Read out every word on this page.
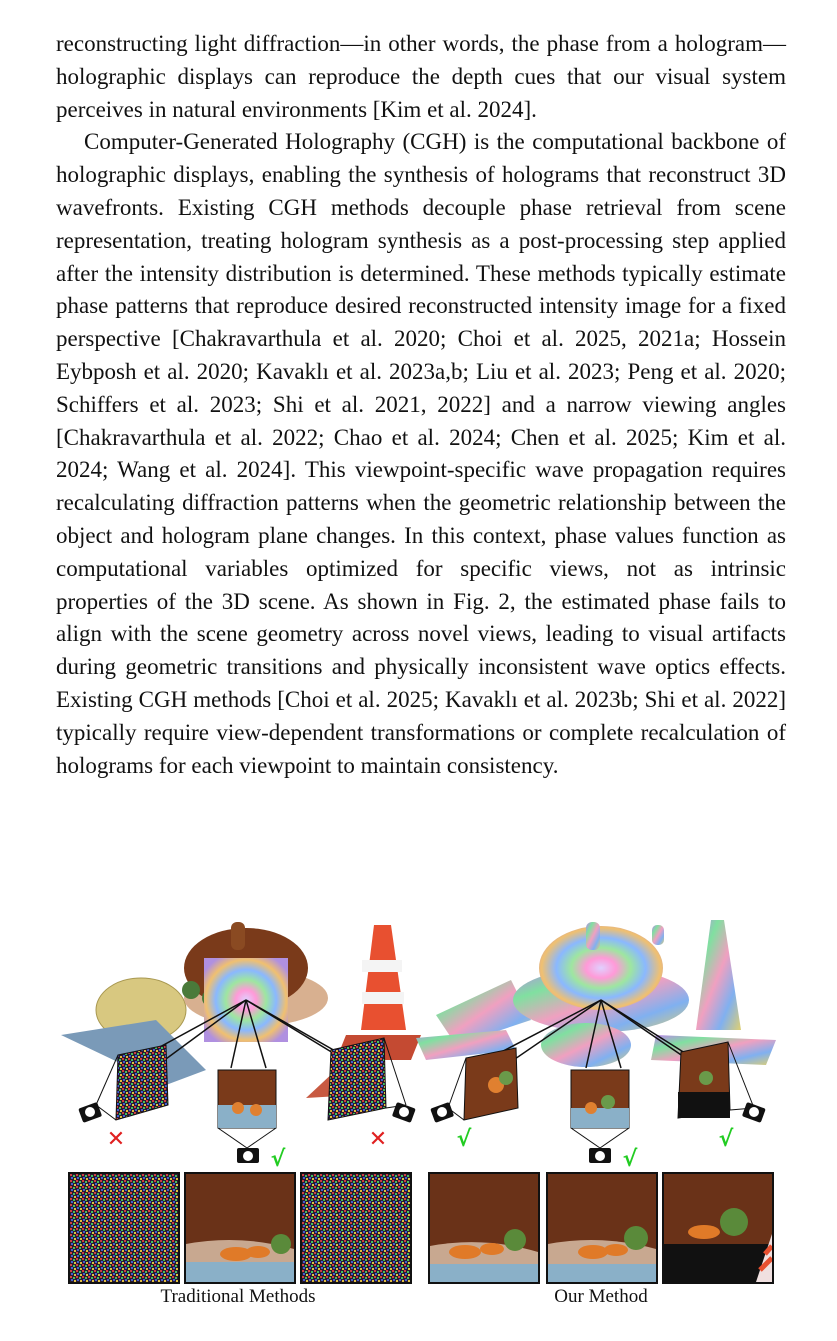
reconstructing light diffraction—in other words, the phase from a hologram—holographic displays can reproduce the depth cues that our visual system perceives in natural environments [Kim et al. 2024].

Computer-Generated Holography (CGH) is the computational backbone of holographic displays, enabling the synthesis of holograms that reconstruct 3D wavefronts. Existing CGH methods decouple phase retrieval from scene representation, treating hologram synthesis as a post-processing step applied after the intensity distribution is determined. These methods typically estimate phase patterns that reproduce desired reconstructed intensity image for a fixed perspective [Chakravarthula et al. 2020; Choi et al. 2025, 2021a; Hossein Eybposh et al. 2020; Kavaklı et al. 2023a,b; Liu et al. 2023; Peng et al. 2020; Schiffers et al. 2023; Shi et al. 2021, 2022] and a narrow viewing angles [Chakravarthula et al. 2022; Chao et al. 2024; Chen et al. 2025; Kim et al. 2024; Wang et al. 2024]. This viewpoint-specific wave propagation requires recalculating diffraction patterns when the geometric relationship between the object and hologram plane changes. In this context, phase values function as computational variables optimized for specific views, not as intrinsic properties of the 3D scene. As shown in Fig. 2, the estimated phase fails to align with the scene geometry across novel views, leading to visual artifacts during geometric transitions and physically inconsistent wave optics effects. Existing CGH methods [Choi et al. 2025; Kavaklı et al. 2023b; Shi et al. 2022] typically require view-dependent transformations or complete recalculation of holograms for each viewpoint to maintain consistency.

✕
√
✕	√
√
√
Traditional Methods	Our Method
